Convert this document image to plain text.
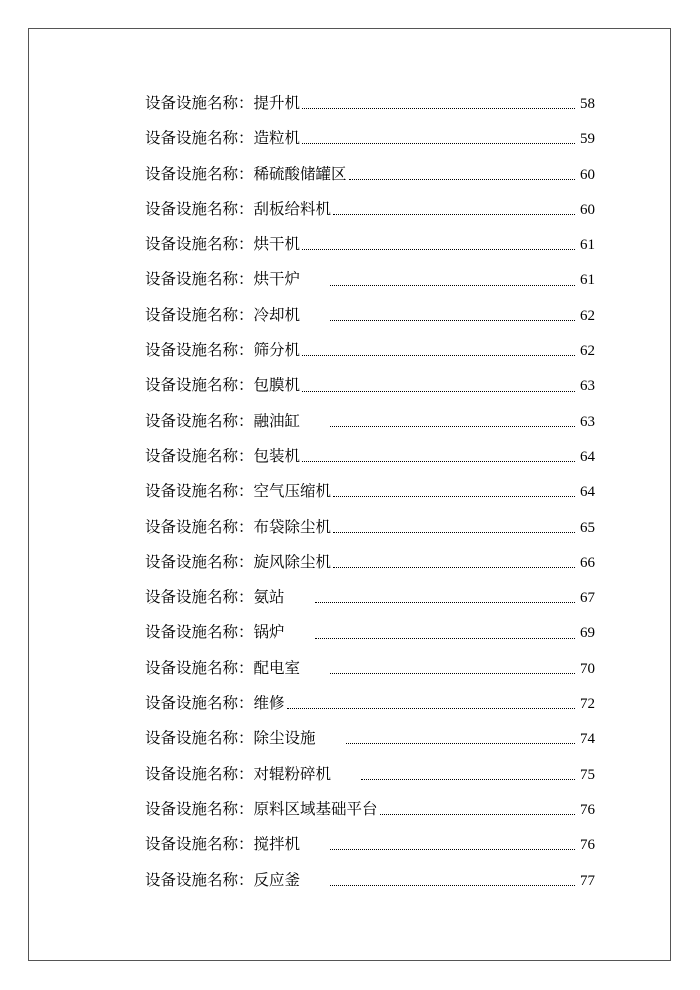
设备设施名称： 提升机	58
设备设施名称： 造粒机	59
设备设施名称： 稀硫酸储罐区	60
设备设施名称： 刮板给料机	60
设备设施名称： 烘干机	61
设备设施名称： 烘干炉	61
设备设施名称： 冷却机	62
设备设施名称： 筛分机	62
设备设施名称： 包膜机	63
设备设施名称： 融油缸	63
设备设施名称： 包装机	64
设备设施名称： 空气压缩机	64
设备设施名称： 布袋除尘机	65
设备设施名称： 旋风除尘机	66
设备设施名称： 氨站	67
设备设施名称： 锅炉	69
设备设施名称： 配电室	70
设备设施名称： 维修	72
设备设施名称： 除尘设施	74
设备设施名称： 对辊粉碎机	75
设备设施名称： 原料区域基础平台	76
设备设施名称： 搅拌机	76
设备设施名称： 反应釜	77
